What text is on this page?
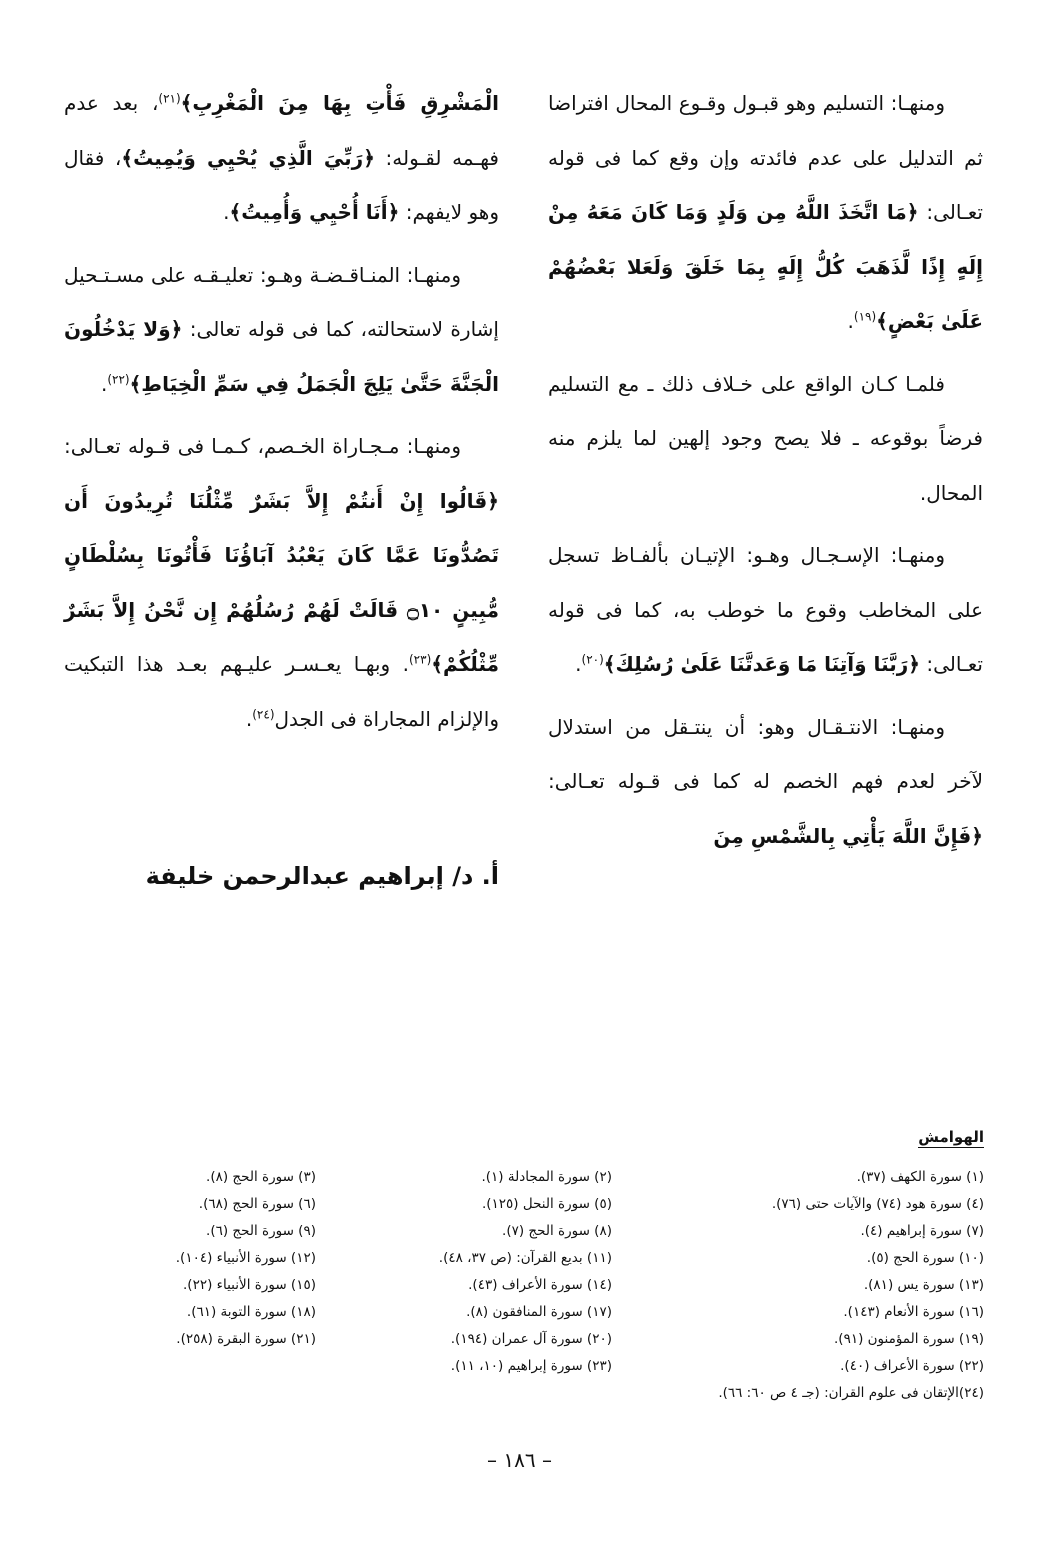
ومنهـا: التسليم وهو قبـول وقـوع المحال افتراضا ثم التدليل على عدم فائدته وإن وقع كما فى قوله تعـالى: ﴿مَا اتَّخَذَ اللَّهُ مِن وَلَدٍ وَمَا كَانَ مَعَهُ مِنْ إِلَهٍ إِذًا لَّذَهَبَ كُلُّ إِلَهٍ بِمَا خَلَقَ وَلَعَلا بَعْضُهُمْ عَلَىٰ بَعْضٍ﴾$^{(١٩)}$.

فلمـا كـان الواقع على خـلاف ذلك ـ مع التسليم فرضاً بوقوعه ـ فلا يصح وجود إلهين لما يلزم منه المحال.

ومنهـا: الإسـجـال وهـو: الإتيـان بألفـاظ تسجل على المخاطب وقوع ما خوطب به، كما فى قوله تعـالى: ﴿رَبَّنَا وَآتِنَا مَا وَعَدتَّنَا عَلَىٰ رُسُلِكَ﴾$^{(٢٠)}$.

ومنهـا: الانتـقـال وهو: أن ينتـقل من استدلال لآخر لعدم فهم الخصم له كما فى قـوله تعـالى: ﴿فَإِنَّ اللَّهَ يَأْتِي بِالشَّمْسِ مِنَ

الْمَشْرِقِ فَأْتِ بِهَا مِنَ الْمَغْرِبِ﴾$^{(٢١)}$، بعد عدم فهـمه لقـوله: ﴿رَبِّيَ الَّذِي يُحْيِي وَيُمِيتُ﴾، فقال وهو لايفهم: ﴿أَنَا أُحْيِي وَأُمِيتُ﴾.

ومنهـا: المنـاقـضـة وهـو: تعليـقـه على مسـتـحيل إشارة لاستحالته، كما فى قوله تعالى: ﴿وَلا يَدْخُلُونَ الْجَنَّةَ حَتَّىٰ يَلِجَ الْجَمَلُ فِي سَمِّ الْخِيَاطِ﴾$^{(٢٢)}$.

ومنهـا: مـجـاراة الخـصم، كـمـا فى قـوله تعـالى: ﴿قَالُوا إِنْ أَنتُمْ إِلاَّ بَشَرٌ مِّثْلُنَا تُرِيدُونَ أَن تَصُدُّونَا عَمَّا كَانَ يَعْبُدُ آبَاؤُنَا فَأْتُونَا بِسُلْطَانٍ مُّبِينٍ ۝١٠ قَالَتْ لَهُمْ رُسُلُهُمْ إِن نَّحْنُ إِلاَّ بَشَرٌ مِّثْلُكُمْ﴾$^{(٢٣)}$. وبهـا يعـسـر عليـهم بعـد هذا التبكيت والإلزام المجاراة فى الجدل$^{(٢٤)}$.

أ. د/ إبراهيم عبدالرحمن خليفة
الهوامش
(١) سورة الكهف (٣٧).
(٤) سورة هود (٧٤) والآيات حتى (٧٦).
(٧) سورة إبراهيم (٤).
(١٠) سورة الحج (٥).
(١٣) سورة يس (٨١).
(١٦) سورة الأنعام (١٤٣).
(١٩) سورة المؤمنون (٩١).
(٢٢) سورة الأعراف (٤٠).
(٢٤)الإتقان فى علوم القران: (جـ ٤ ص ٦٠: ٦٦).
(٢) سورة المجادلة (١).
(٥) سورة النحل (١٢٥).
(٨) سورة الحج (٧).
(١١) بديع القرآن: (ص ٣٧، ٤٨).
(١٤) سورة الأعراف (٤٣).
(١٧) سورة المنافقون (٨).
(٢٠) سورة آل عمران (١٩٤).
(٢٣) سورة إبراهيم (١٠، ١١).
(٣) سورة الحج (٨).
(٦) سورة الحج (٦٨).
(٩) سورة الحج (٦).
(١٢) سورة الأنبياء (١٠٤).
(١٥) سورة الأنبياء (٢٢).
(١٨) سورة التوبة (٦١).
(٢١) سورة البقرة (٢٥٨).
– ١٨٦ –
